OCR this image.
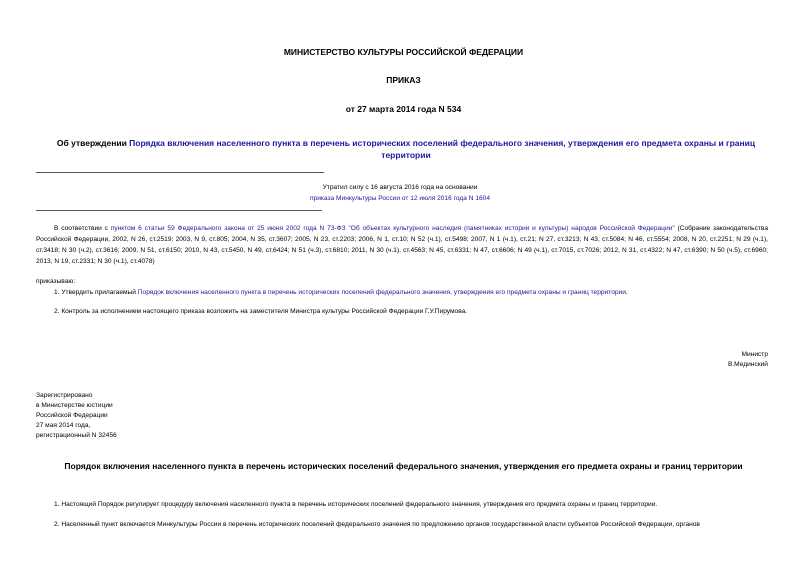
МИНИСТЕРСТВО КУЛЬТУРЫ РОССИЙСКОЙ ФЕДЕРАЦИИ
ПРИКАЗ
от 27 марта 2014 года N 534
Об утверждении Порядка включения населенного пункта в перечень исторических поселений федерального значения, утверждения его предмета охраны и границ территории
Утратил силу с 16 августа 2016 года на основании
приказа Минкультуры России от 12 июля 2016 года N 1604
В соответствии с пунктом 6 статьи 59 Федерального закона от 25 июня 2002 года N 73-ФЗ "Об объектах культурного наследия (памятниках истории и культуры) народов Российской Федерации" (Собрание законодательства Российской Федерации, 2002, N 26, ст.2519; 2003, N 9, ст.805; 2004, N 35, ст.3607; 2005, N 23, ст.2203; 2006, N 1, ст.10; N 52 (ч.1), ст.5498; 2007, N 1 (ч.1), ст.21; N 27, ст.3213; N 43, ст.5084; N 46, ст.5554; 2008, N 20, ст.2251; N 29 (ч.1), ст.3418; N 30 (ч.2), ст.3616; 2009, N 51, ст.6150; 2010, N 43, ст.5450, N 49, ст.6424; N 51 (ч.3), ст.6810; 2011, N 30 (ч.1), ст.4563; N 45, ст.6331; N 47, ст.6606; N 49 (ч.1), ст.7015, ст.7026; 2012, N 31, ст.4322; N 47, ст.6390; N 50 (ч.5), ст.6960; 2013, N 19, ст.2331; N 30 (ч.1), ст.4078)
приказываю:
1. Утвердить прилагаемый Порядок включения населенного пункта в перечень исторических поселений федерального значения, утверждения его предмета охраны и границ территории.
2. Контроль за исполнением настоящего приказа возложить на заместителя Министра культуры Российской Федерации Г.У.Пирумова.
Министр
В.Мединский
Зарегистрировано
в Министерстве юстиции
Российской Федерации
27 мая 2014 года,
регистрационный N 32456
Порядок включения населенного пункта в перечень исторических поселений федерального значения, утверждения его предмета охраны и границ территории
1. Настоящий Порядок регулирует процедуру включения населенного пункта в перечень исторических поселений федерального значения, утверждения его предмета охраны и границ территории.
2. Населенный пункт включается Минкультуры России в перечень исторических поселений федерального значения по предложению органов государственной власти субъектов Российской Федерации, органов
